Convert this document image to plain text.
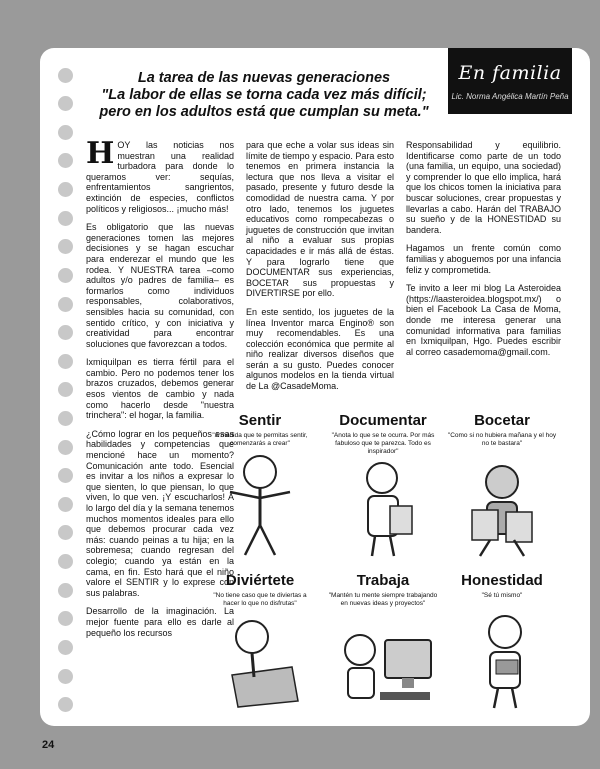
En familia
Lic. Norma Angélica Martín Peña
La tarea de las nuevas generaciones
"La labor de ellas se torna cada vez más difícil;
pero en los adultos está que cumplan su meta."

HOY las noticias nos muestran una realidad turbadora para donde lo queramos ver: sequías, enfrentamientos sangrientos, extinción de especies, conflictos políticos y religiosos... ¡mucho más!

Es obligatorio que las nuevas generaciones tomen las mejores decisiones y se hagan escuchar para enderezar el mundo que les rodea. Y NUESTRA tarea –como adultos y/o padres de familia– es formarlos como individuos responsables, colaborativos, sensibles hacia su comunidad, con sentido crítico, y con iniciativa y creatividad para encontrar soluciones que favorezcan a todos.

Ixmiquilpan es tierra fértil para el cambio. Pero no podemos tener los brazos cruzados, debemos generar esos vientos de cambio y nada como hacerlo desde "nuestra trinchera": el hogar, la familia.

¿Cómo lograr en los pequeños esas habilidades y competencias que mencioné hace un momento? Comunicación ante todo. Esencial es invitar a los niños a expresar lo que sienten, lo que piensan, lo que viven, lo que ven. ¡Y escucharlos! A lo largo del día y la semana tenemos muchos momentos ideales para ello que debemos procurar cada vez más: cuando peinas a tu hija; en la sobremesa; cuando regresan del colegio; cuando ya están en la cama, en fin. Esto hará que el niño valore el SENTIR y lo exprese con sus palabras.

Desarrollo de la imaginación. La mejor fuente para ello es darle al pequeño los recursos

para que eche a volar sus ideas sin límite de tiempo y espacio. Para esto tenemos en primera instancia la lectura que nos lleva a visitar el pasado, presente y futuro desde la comodidad de nuestra cama. Y por otro lado, tenemos los juguetes educativos como rompecabezas o juguetes de construcción que invitan al niño a evaluar sus propias capacidades e ir más allá de éstas. Y para lograrlo tiene que DOCUMENTAR sus experiencias, BOCETAR sus propuestas y DIVERTIRSE por ello.

En este sentido, los juguetes de la línea Inventor marca Engino® son muy recomendables. Es una colección económica que permite al niño realizar diversos diseños que serán a su gusto. Puedes conocer algunos modelos en la tienda virtual de La @CasadeMoma.

Responsabilidad y equilibrio. Identificarse como parte de un todo (una familia, un equipo, una sociedad) y comprender lo que ello implica, hará que los chicos tomen la iniciativa para buscar soluciones, crear propuestas y llevarlas a cabo. Harán del TRABAJO su sueño y de la HONESTIDAD su bandera.

Hagamos un frente común como familias y aboguemos por una infancia feliz y comprometida.

Te invito a leer mi blog La Asteroidea (https://laasteroidea.blogspot.mx/) o bien el Facebook La Casa de Moma, donde me interesa generar una comunidad informativa para familias en Ixmiquilpan, Hgo. Puedes escribir al correo casademoma@gmail.com.

Sentir
"A medida que te permitas sentir, comenzarás a crear"
Documentar
"Anota lo que se te ocurra. Por más fabuloso que te parezca. Todo es inspirador"
Bocetar
"Como si no hubiera mañana y el hoy no te bastara"
Diviértete
"No tiene caso que te diviertas a hacer lo que no disfrutas"
Trabaja
"Mantén tu mente siempre trabajando en nuevas ideas y proyectos"
Honestidad
"Sé tú mismo"
24
